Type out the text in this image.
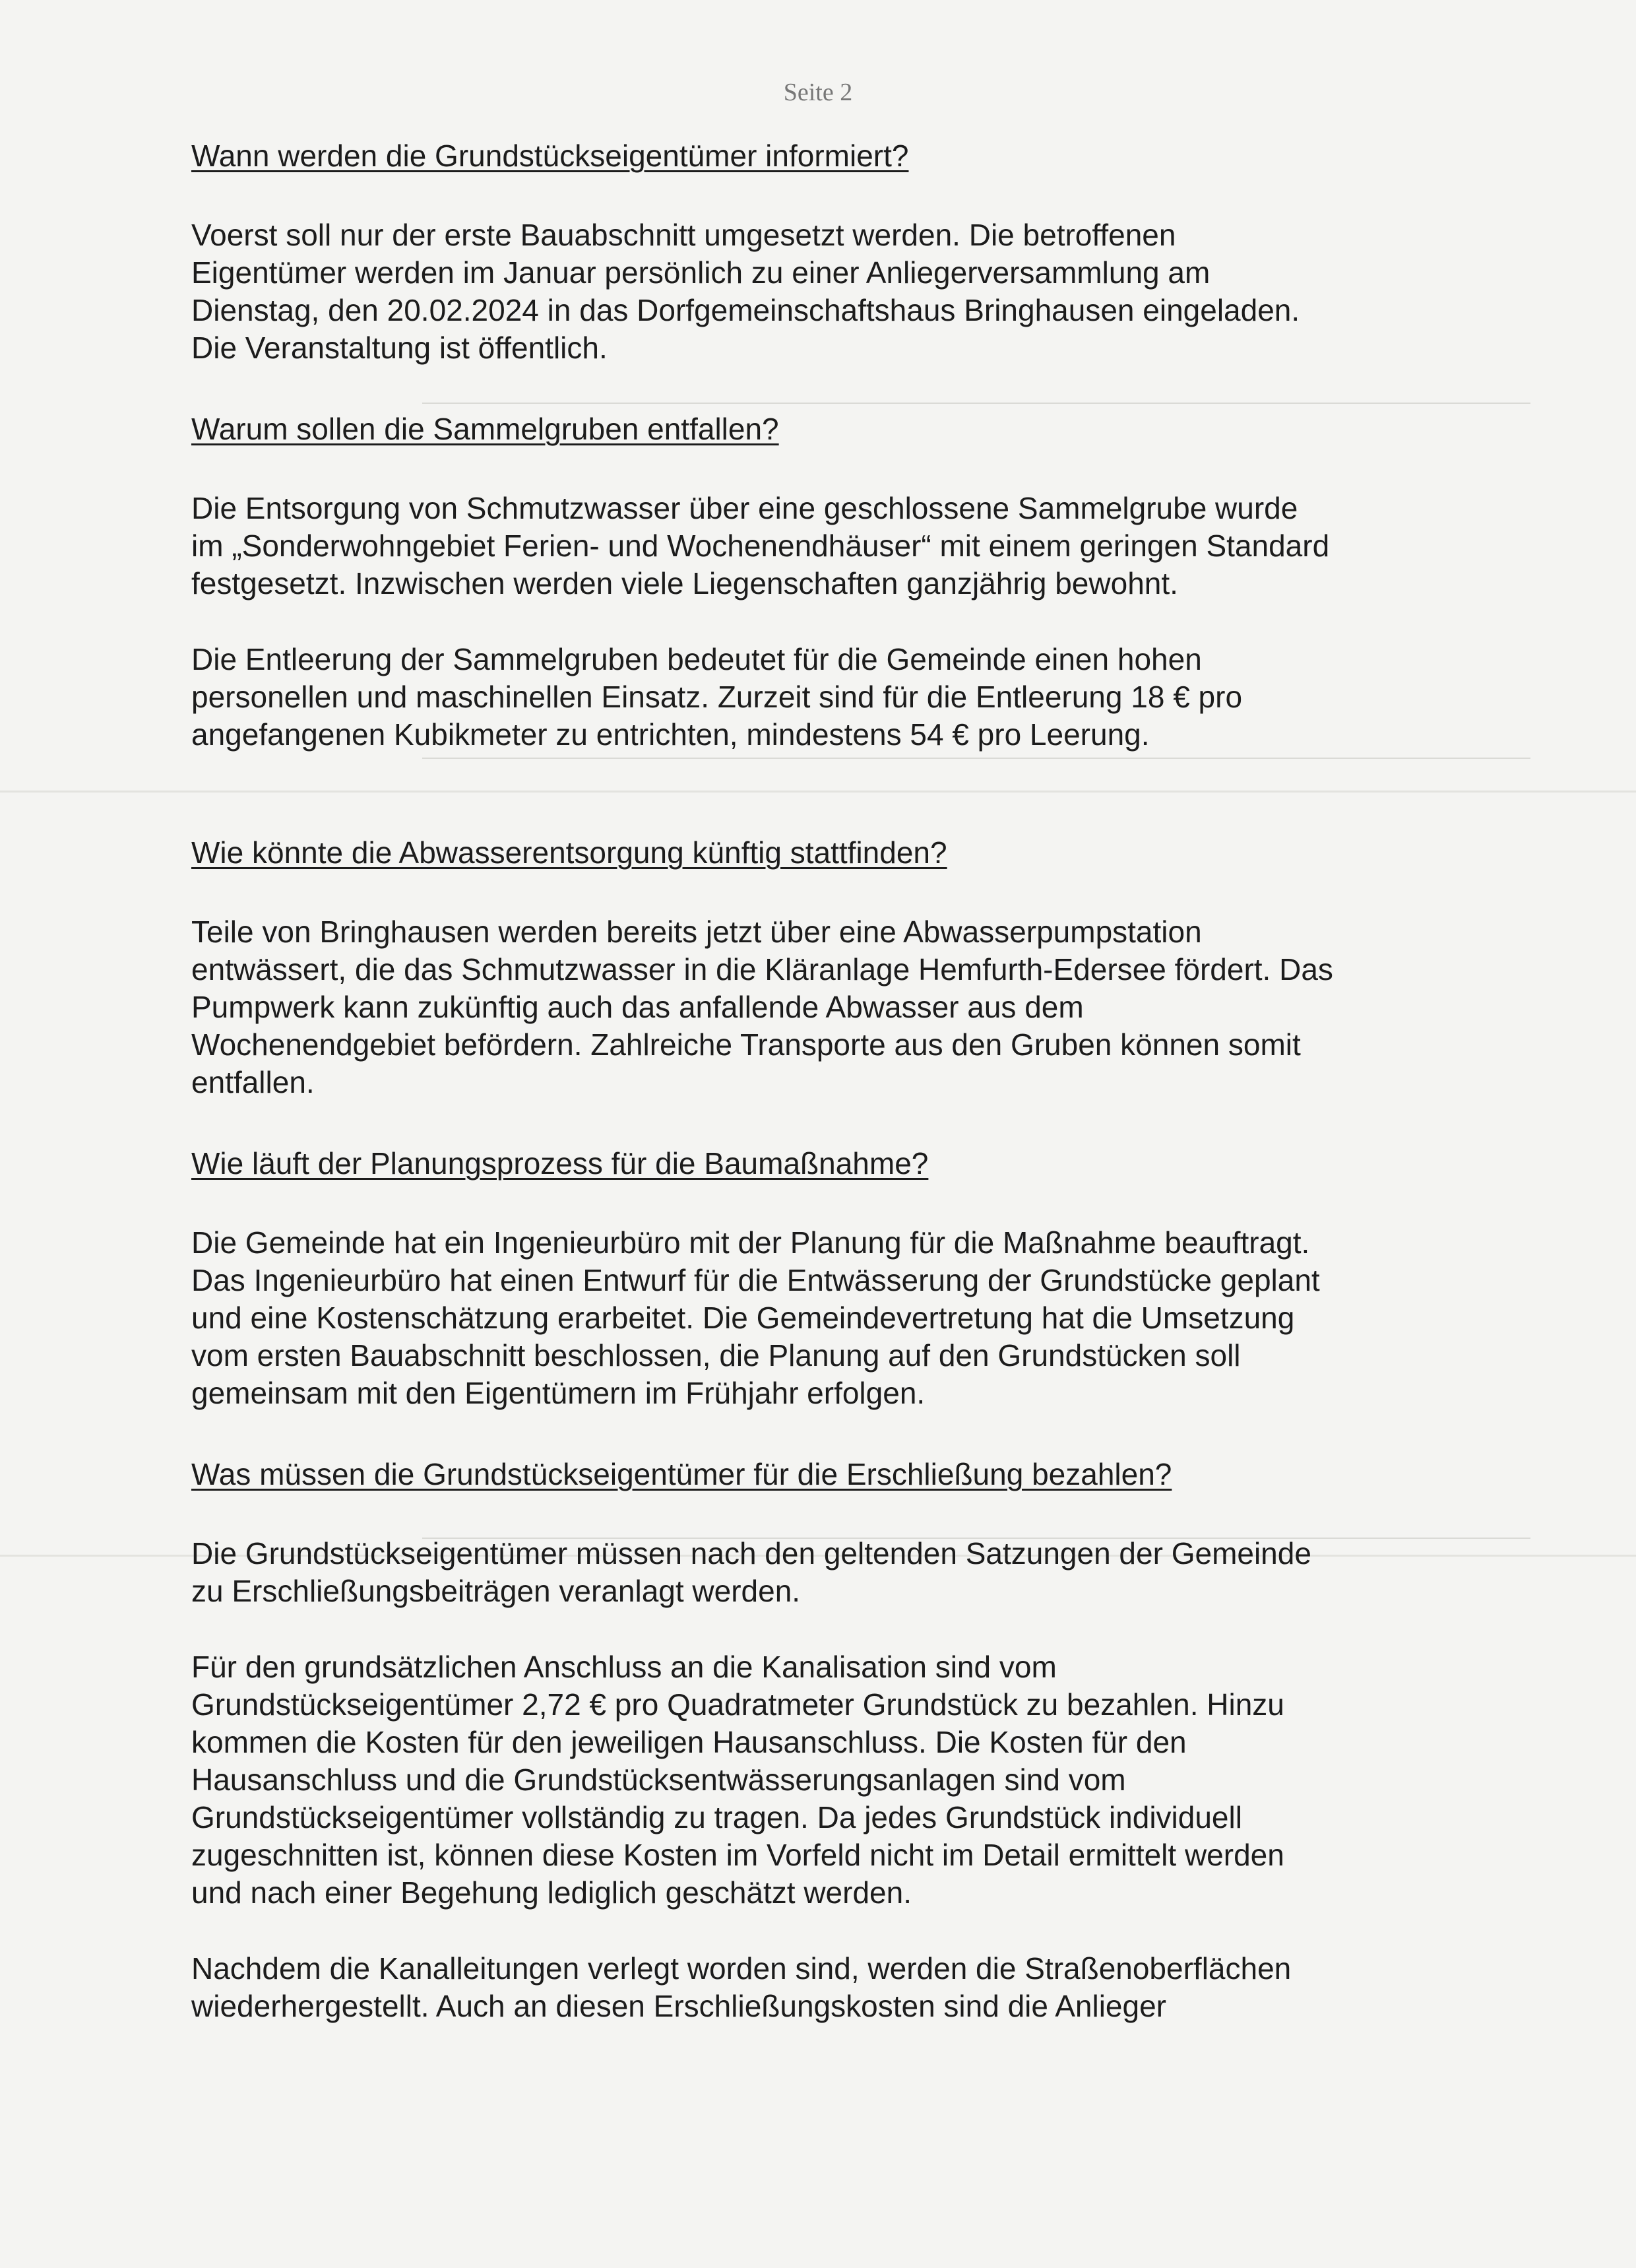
Seite 2
Wann werden die Grundstückseigentümer informiert?

Voerst soll nur der erste Bauabschnitt umgesetzt werden. Die betroffenen

Eigentümer werden im Januar persönlich zu einer Anliegerversammlung am

Dienstag, den 20.02.2024 in das Dorfgemeinschaftshaus Bringhausen eingeladen.

Die Veranstaltung ist öffentlich.

Warum sollen die Sammelgruben entfallen?

Die Entsorgung von Schmutzwasser über eine geschlossene Sammelgrube wurde

im „Sonderwohngebiet Ferien- und Wochenendhäuser“ mit einem geringen Standard

festgesetzt. Inzwischen werden viele Liegenschaften ganzjährig bewohnt.

Die Entleerung der Sammelgruben bedeutet für die Gemeinde einen hohen

personellen und maschinellen Einsatz. Zurzeit sind für die Entleerung 18 € pro

angefangenen Kubikmeter zu entrichten, mindestens 54 € pro Leerung.

Wie könnte die Abwasserentsorgung künftig stattfinden?

Teile von Bringhausen werden bereits jetzt über eine Abwasserpumpstation

entwässert, die das Schmutzwasser in die Kläranlage Hemfurth-Edersee fördert. Das

Pumpwerk kann zukünftig auch das anfallende Abwasser aus dem

Wochenendgebiet befördern. Zahlreiche Transporte aus den Gruben können somit

entfallen.

Wie läuft der Planungsprozess für die Baumaßnahme?

Die Gemeinde hat ein Ingenieurbüro mit der Planung für die Maßnahme beauftragt.

Das Ingenieurbüro hat einen Entwurf für die Entwässerung der Grundstücke geplant

und eine Kostenschätzung erarbeitet. Die Gemeindevertretung hat die Umsetzung

vom ersten Bauabschnitt beschlossen, die Planung auf den Grundstücken soll

gemeinsam mit den Eigentümern im Frühjahr erfolgen.

Was müssen die Grundstückseigentümer für die Erschließung bezahlen?

Die Grundstückseigentümer müssen nach den geltenden Satzungen der Gemeinde

zu Erschließungsbeiträgen veranlagt werden.

Für den grundsätzlichen Anschluss an die Kanalisation sind vom

Grundstückseigentümer 2,72 € pro Quadratmeter Grundstück zu bezahlen. Hinzu

kommen die Kosten für den jeweiligen Hausanschluss. Die Kosten für den

Hausanschluss und die Grundstücksentwässerungsanlagen sind vom

Grundstückseigentümer vollständig zu tragen. Da jedes Grundstück individuell

zugeschnitten ist, können diese Kosten im Vorfeld nicht im Detail ermittelt werden

und nach einer Begehung lediglich geschätzt werden.

Nachdem die Kanalleitungen verlegt worden sind, werden die Straßenoberflächen

wiederhergestellt. Auch an diesen Erschließungskosten sind die Anlieger
